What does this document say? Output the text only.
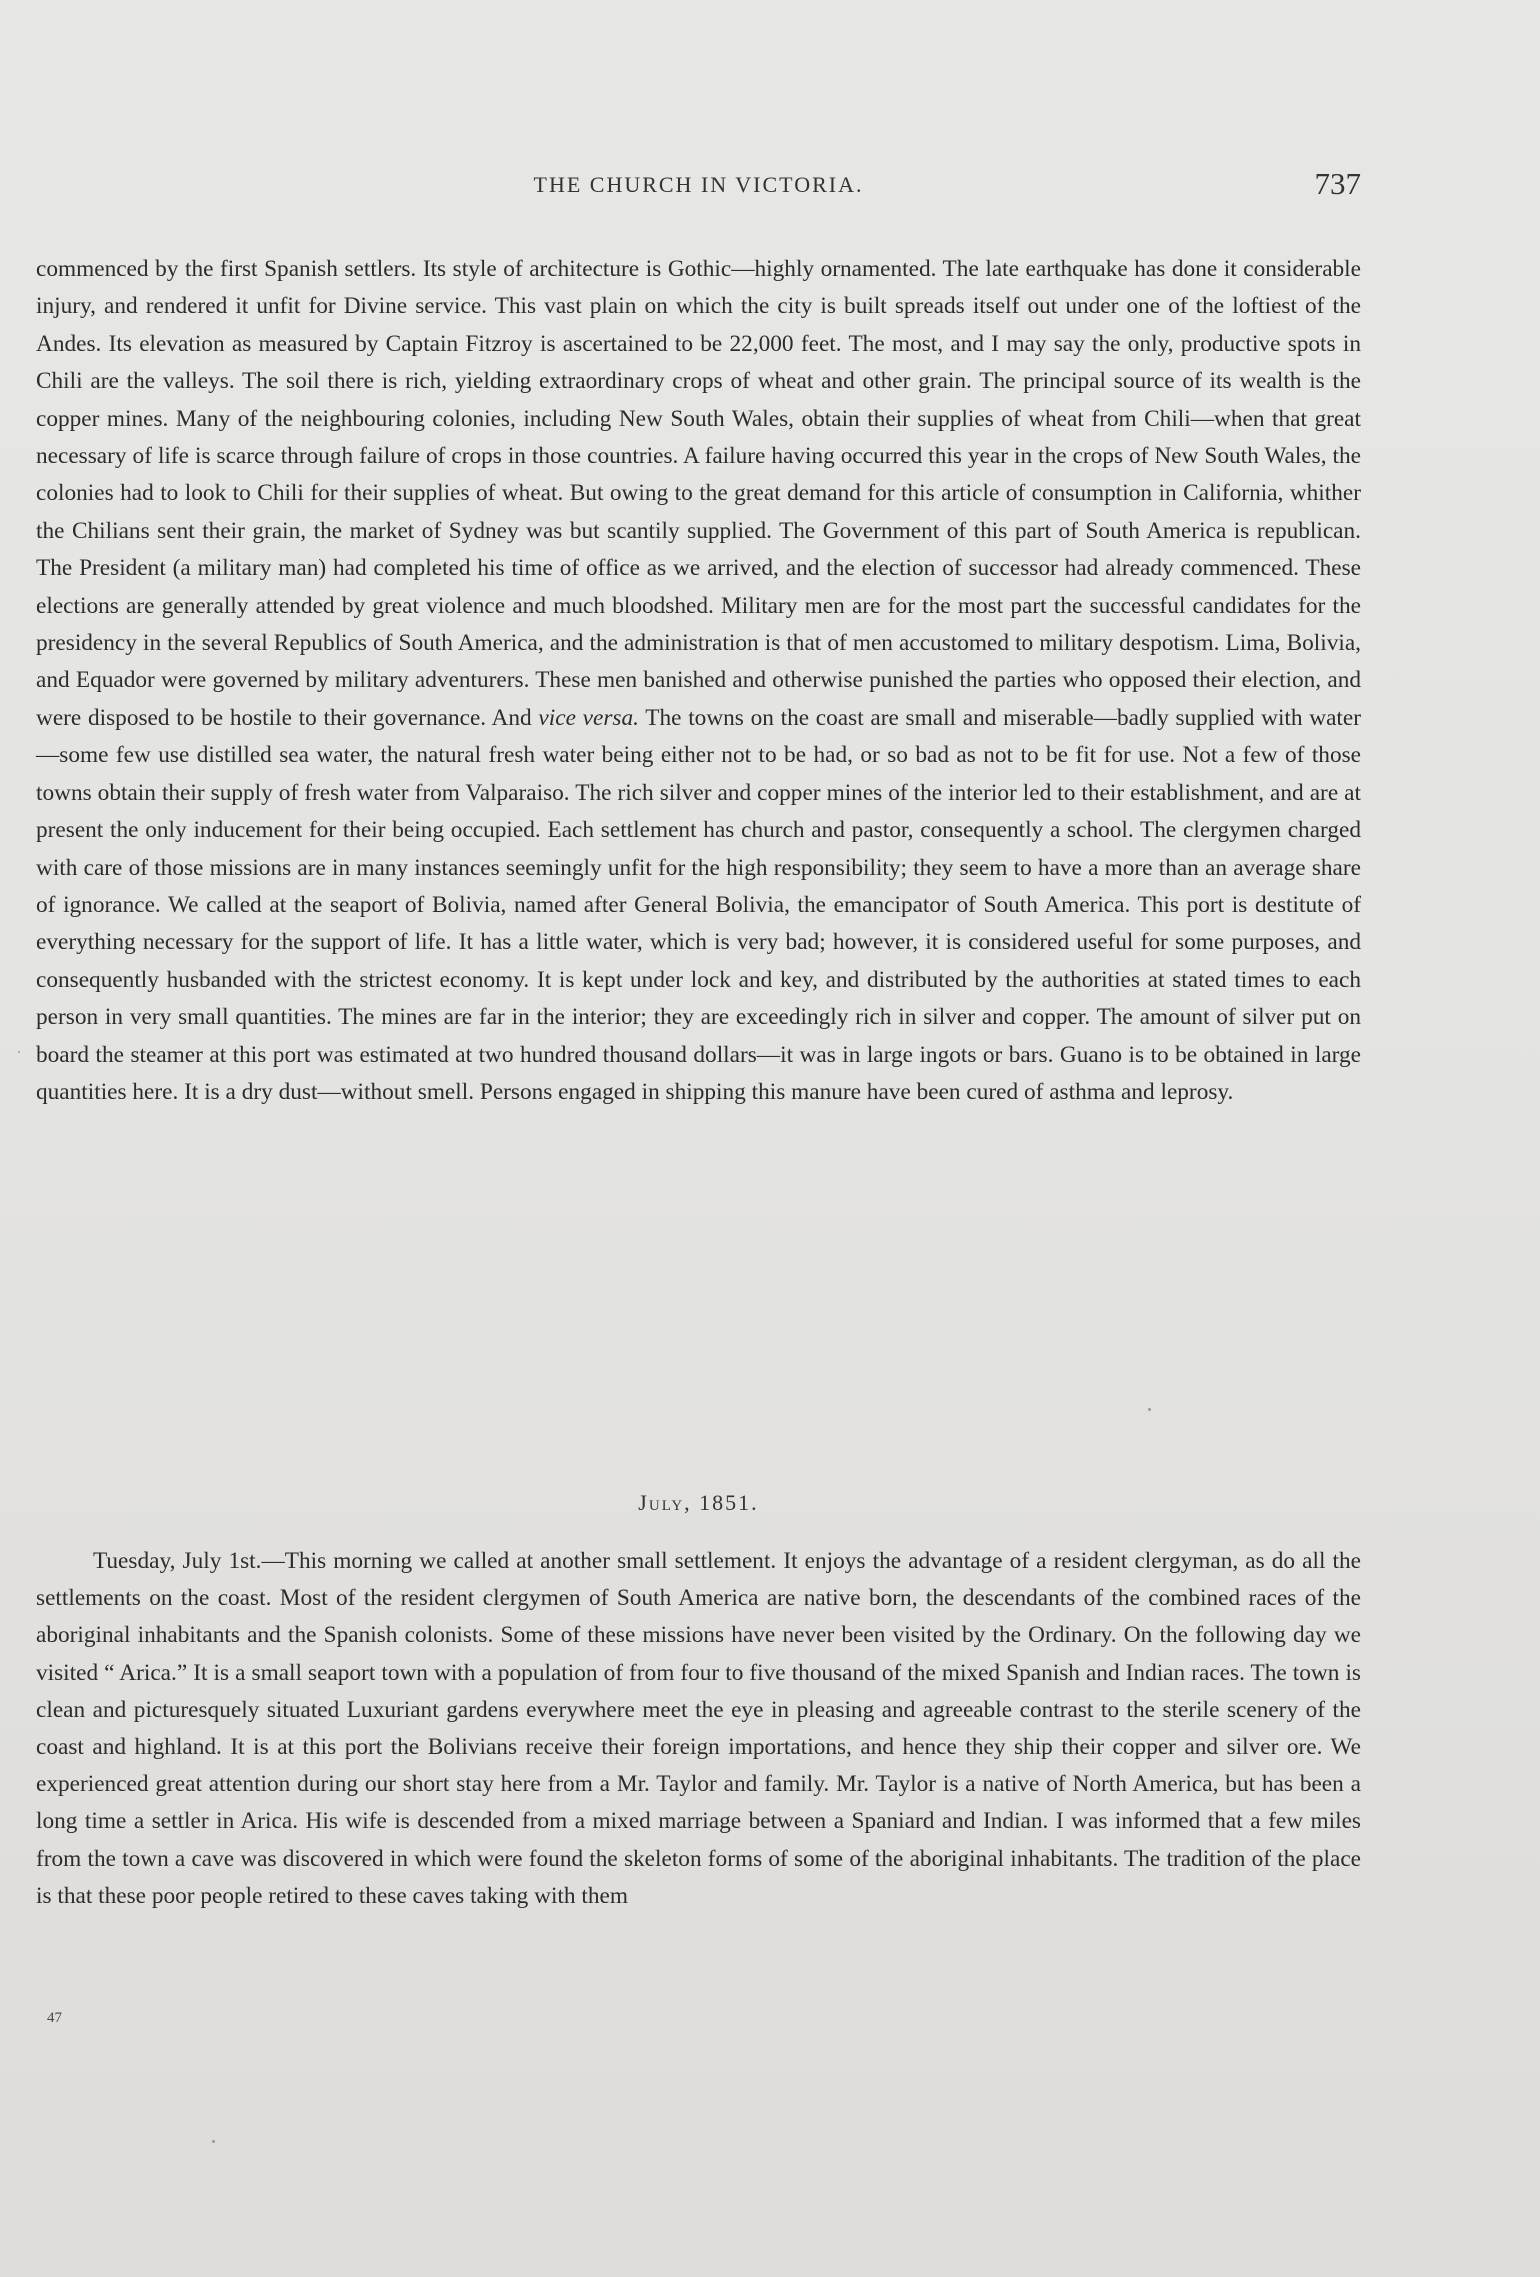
THE CHURCH IN VICTORIA.	737

commenced by the first Spanish settlers. Its style of architecture is Gothic—highly ornamented. The late earthquake has done it considerable injury, and rendered it unfit for Divine service. This vast plain on which the city is built spreads itself out under one of the loftiest of the Andes. Its elevation as measured by Captain Fitzroy is ascertained to be 22,000 feet. The most, and I may say the only, productive spots in Chili are the valleys. The soil there is rich, yielding extraordinary crops of wheat and other grain. The principal source of its wealth is the copper mines. Many of the neighbouring colonies, including New South Wales, obtain their supplies of wheat from Chili—when that great necessary of life is scarce through failure of crops in those countries. A failure having occurred this year in the crops of New South Wales, the colonies had to look to Chili for their supplies of wheat. But owing to the great demand for this article of consumption in California, whither the Chilians sent their grain, the market of Sydney was but scantily supplied. The Government of this part of South America is republican. The President (a military man) had completed his time of office as we arrived, and the election of successor had already commenced. These elections are generally attended by great violence and much bloodshed. Military men are for the most part the successful candidates for the presidency in the several Republics of South America, and the administration is that of men accustomed to military despotism. Lima, Bolivia, and Equador were governed by military adventurers. These men banished and otherwise punished the parties who opposed their election, and were disposed to be hostile to their governance. And vice versa. The towns on the coast are small and miserable—badly supplied with water—some few use distilled sea water, the natural fresh water being either not to be had, or so bad as not to be fit for use. Not a few of those towns obtain their supply of fresh water from Valparaiso. The rich silver and copper mines of the interior led to their establishment, and are at present the only inducement for their being occupied. Each settlement has church and pastor, consequently a school. The clergymen charged with care of those missions are in many instances seemingly unfit for the high responsibility; they seem to have a more than an average share of ignorance. We called at the seaport of Bolivia, named after General Bolivia, the emancipator of South America. This port is destitute of everything necessary for the support of life. It has a little water, which is very bad; however, it is considered useful for some purposes, and consequently husbanded with the strictest economy. It is kept under lock and key, and distributed by the authorities at stated times to each person in very small quantities. The mines are far in the interior; they are exceedingly rich in silver and copper. The amount of silver put on board the steamer at this port was estimated at two hundred thousand dollars—it was in large ingots or bars. Guano is to be obtained in large quantities here. It is a dry dust—without smell. Persons engaged in shipping this manure have been cured of asthma and leprosy.

July, 1851.

Tuesday, July 1st.—This morning we called at another small settlement. It enjoys the advantage of a resident clergyman, as do all the settlements on the coast. Most of the resident clergymen of South America are native born, the descendants of the combined races of the aboriginal inhabitants and the Spanish colonists. Some of these missions have never been visited by the Ordinary. On the following day we visited “ Arica.” It is a small seaport town with a population of from four to five thousand of the mixed Spanish and Indian races. The town is clean and picturesquely situated Luxuriant gardens everywhere meet the eye in pleasing and agreeable contrast to the sterile scenery of the coast and highland. It is at this port the Bolivians receive their foreign importations, and hence they ship their copper and silver ore. We experienced great attention during our short stay here from a Mr. Taylor and family. Mr. Taylor is a native of North America, but has been a long time a settler in Arica. His wife is descended from a mixed marriage between a Spaniard and Indian. I was informed that a few miles from the town a cave was discovered in which were found the skeleton forms of some of the aboriginal inhabitants. The tradition of the place is that these poor people retired to these caves taking with them

47
